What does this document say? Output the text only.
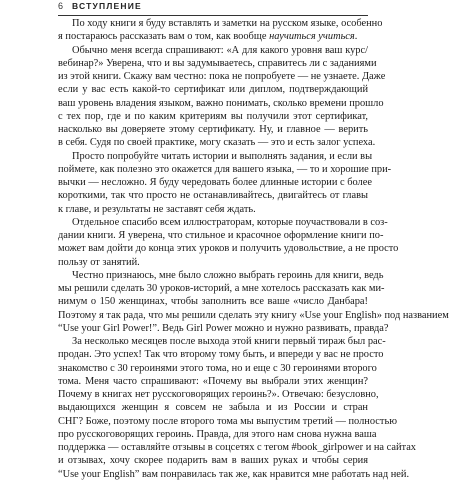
6 ВСТУПЛЕНИЕ
По ходу книги я буду вставлять и заметки на русском языке, особенно
я постараюсь рассказать вам о том, как вообще научиться учиться.
Обычно меня всегда спрашивают: «А для какого уровня ваш курс/
вебинар?» Уверена, что и вы задумываетесь, справитесь ли с заданиями
из этой книги. Скажу вам честно: пока не попробуете — не узнаете. Даже
если у вас есть какой-то сертификат или диплом, подтверждающий
ваш уровень владения языком, важно понимать, сколько времени прошло
с тех пор, где и по каким критериям вы получили этот сертификат,
насколько вы доверяете этому сертификату. Ну, и главное — верить
в себя. Судя по своей практике, могу сказать — это и есть залог успеха.
Просто попробуйте читать истории и выполнять задания, и если вы
поймете, как полезно это окажется для вашего языка, — то и хорошие при-
вычки — несложно. Я буду чередовать более длинные истории с более
короткими, так что просто не останавливайтесь, двигайтесь от главы
к главе, и результаты не заставят себя ждать.
Отдельное спасибо всем иллюстраторам, которые поучаствовали в соз-
дании книги. Я уверена, что стильное и красочное оформление книги по-
может вам дойти до конца этих уроков и получить удовольствие, а не просто
пользу от занятий.
Честно признаюсь, мне было сложно выбрать героинь для книги, ведь
мы решили сделать 30 уроков-историй, а мне хотелось рассказать как ми-
нимум о 150 женщинах, чтобы заполнить все ваше «число Данбара!
Поэтому я так рада, что мы решили сделать эту книгу «Use your English» под названием
“Use your Girl Power!”. Ведь Girl Power можно и нужно развивать, правда?
За несколько месяцев после выхода этой книги первый тираж был рас-
продан. Это успех! Так что второму тому быть, и впереди у вас не просто
знакомство с 30 героинями этого тома, но и еще с 30 героинями второго
тома. Меня часто спрашивают: «Почему вы выбрали этих женщин?
Почему в книгах нет русскоговорящих героинь?». Отвечаю: безусловно,
выдающихся женщин я совсем не забыла и из России и стран
СНГ? Боже, поэтому после второго тома мы выпустим третий — полностью
про русскоговорящих героинь. Правда, для этого нам снова нужна ваша
поддержка — оставляйте отзывы в соцсетях с тегом #book_girlpower и на сайтах
и отзывах, хочу скорее подарить вам в ваших руках и чтобы серия
“Use your English” вам понравилась так же, как нравится мне работать над ней.
